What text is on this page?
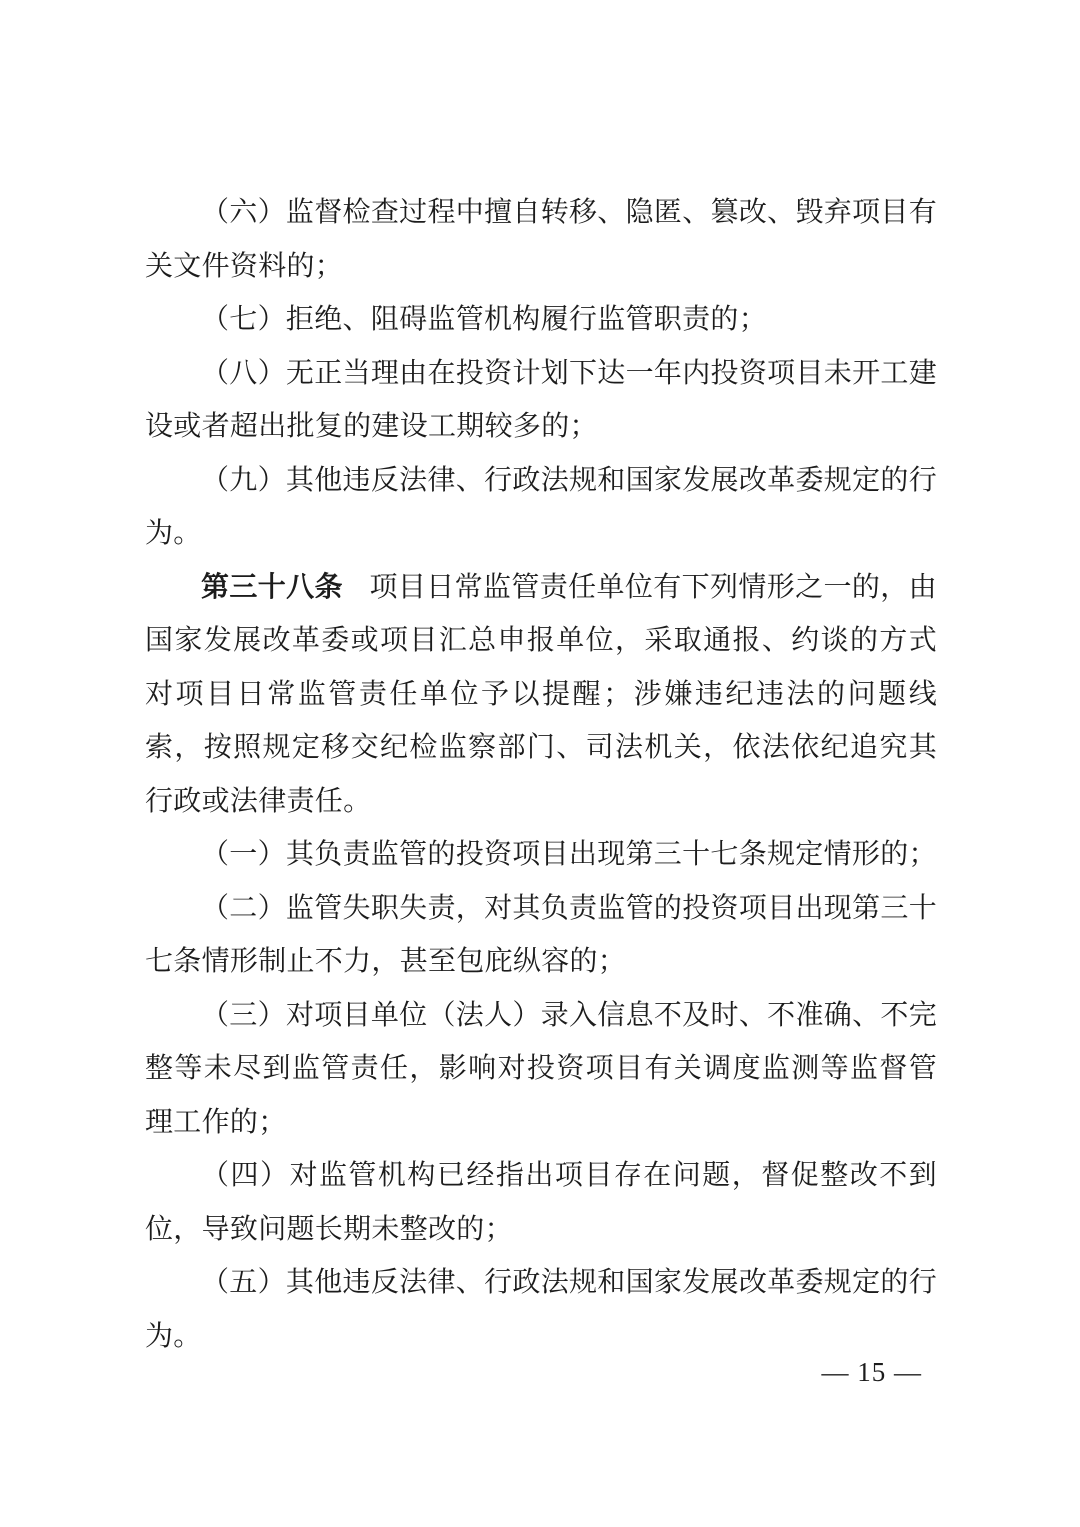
（六）监督检查过程中擅自转移、隐匿、篡改、毁弃项目有关文件资料的；

（七）拒绝、阻碍监管机构履行监管职责的；

（八）无正当理由在投资计划下达一年内投资项目未开工建设或者超出批复的建设工期较多的；

（九）其他违反法律、行政法规和国家发展改革委规定的行为。

第三十八条 项目日常监管责任单位有下列情形之一的，由国家发展改革委或项目汇总申报单位，采取通报、约谈的方式对项目日常监管责任单位予以提醒；涉嫌违纪违法的问题线索，按照规定移交纪检监察部门、司法机关，依法依纪追究其行政或法律责任。

（一）其负责监管的投资项目出现第三十七条规定情形的；

（二）监管失职失责，对其负责监管的投资项目出现第三十七条情形制止不力，甚至包庇纵容的；

（三）对项目单位（法人）录入信息不及时、不准确、不完整等未尽到监管责任，影响对投资项目有关调度监测等监督管理工作的；

（四）对监管机构已经指出项目存在问题，督促整改不到位，导致问题长期未整改的；

（五）其他违反法律、行政法规和国家发展改革委规定的行为。

— 15 —
